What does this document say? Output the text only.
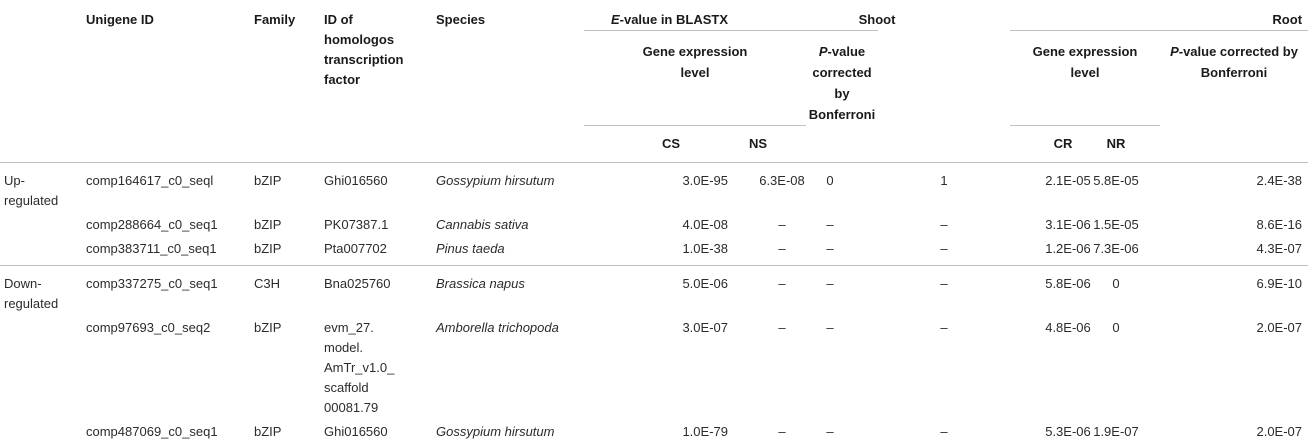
	Unigene ID	Family	ID of homologos transcription factor	Species	E-value in BLASTX	Shoot			Root		

					Gene expression level		P-value corrected by Bonferroni		Gene expression level		P-value corrected by Bonferroni
					CS	NS			CR	NR	

Up-regulated	comp164617_c0_seql	bZIP	Ghi016560	Gossypium hirsutum	3.0E-95	6.3E-08	0	1	2.1E-05	5.8E-05	2.4E-38
	comp288664_c0_seq1	bZIP	PK07387.1	Cannabis sativa	4.0E-08	–	–	–	3.1E-06	1.5E-05	8.6E-16
	comp383711_c0_seq1	bZIP	Pta007702	Pinus taeda	1.0E-38	–	–	–	1.2E-06	7.3E-06	4.3E-07

Down-regulated	comp337275_c0_seq1	C3H	Bna025760	Brassica napus	5.0E-06	–	–	–	5.8E-06	0	6.9E-10
	comp97693_c0_seq2	bZIP	evm_27. model. AmTr_v1.0_ scaffold 00081.79	Amborella trichopoda	3.0E-07	–	–	–	4.8E-06	0	2.0E-07
	comp487069_c0_seq1	bZIP	Ghi016560	Gossypium hirsutum	1.0E-79	–	–	–	5.3E-06	1.9E-07	2.0E-07
